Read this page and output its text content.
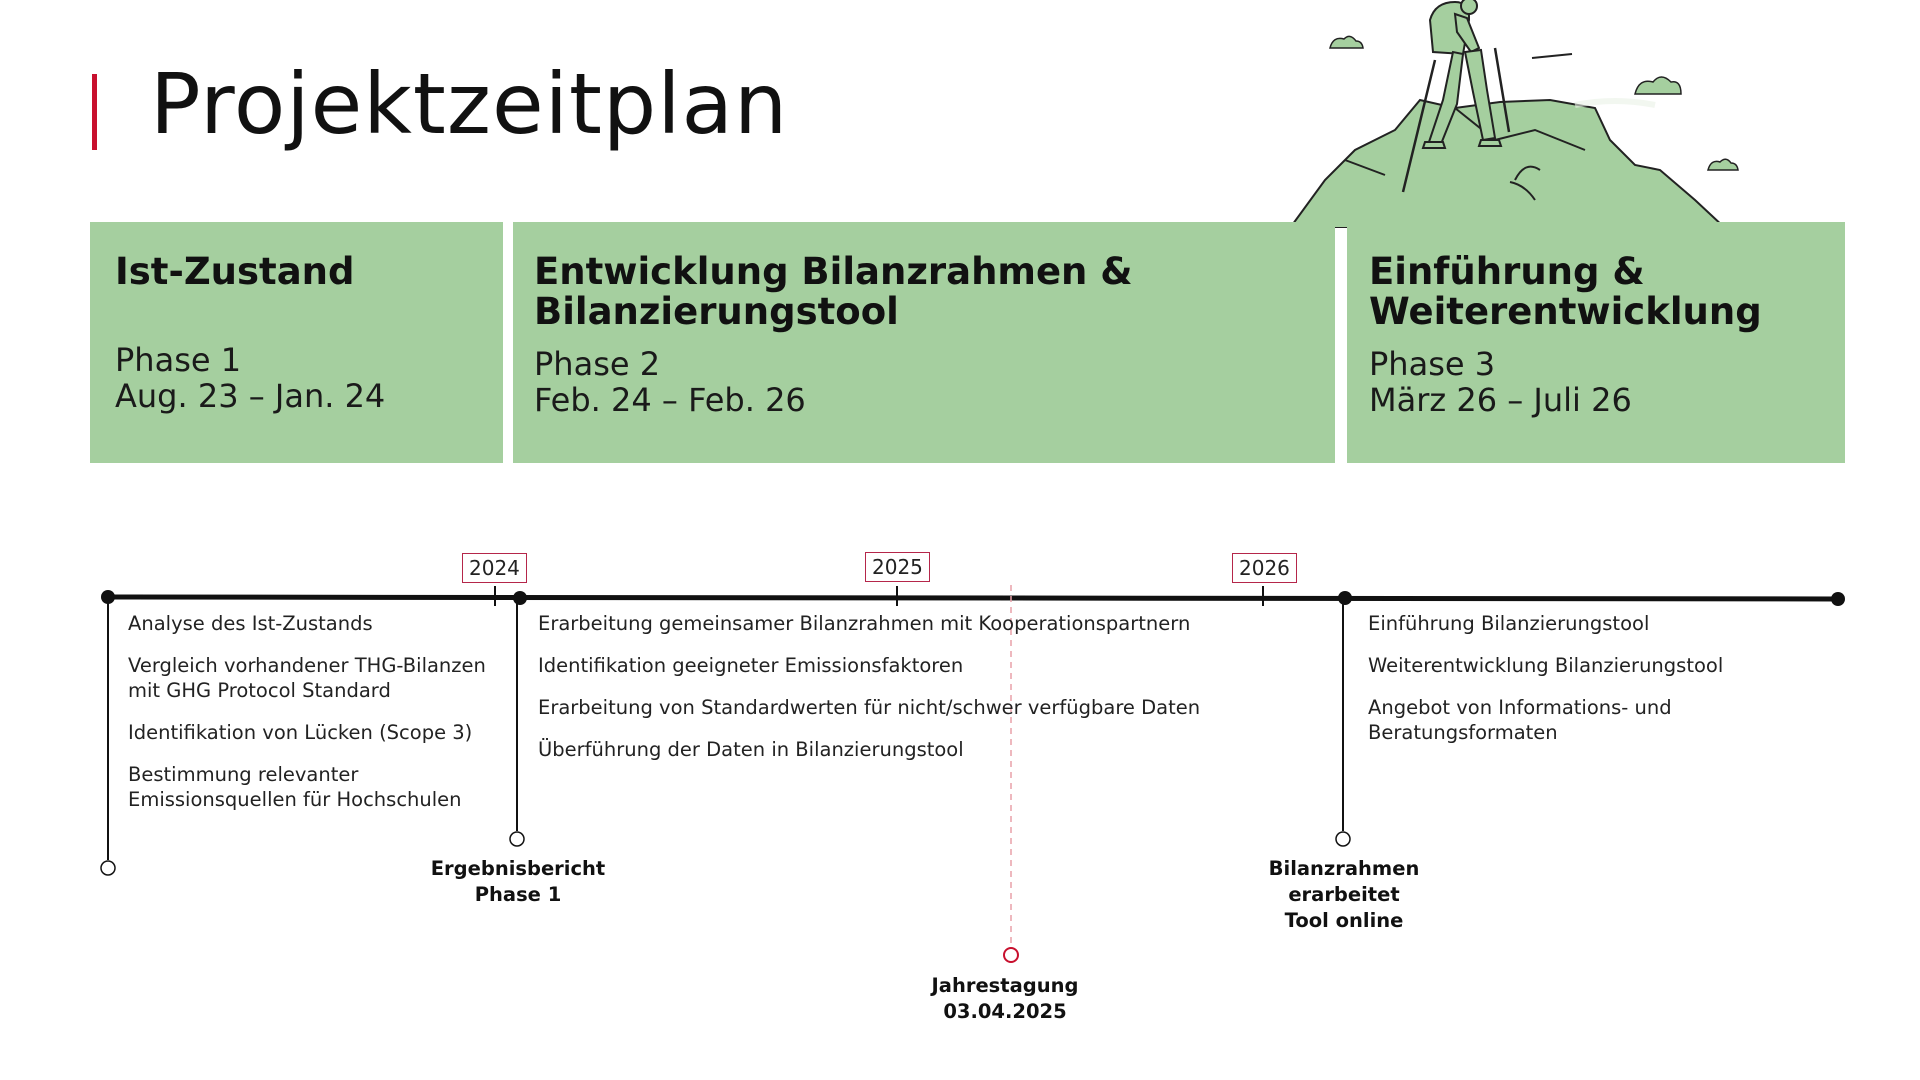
Projektzeitplan
Ist-Zustand
Phase 1
Aug. 23 – Jan. 24
Entwicklung Bilanzrahmen & Bilanzierungstool
Phase 2
Feb. 24 – Feb. 26
Einführung & Weiterentwicklung
Phase 3
März 26 – Juli 26
2024	2025	2026
Analyse des Ist-Zustands
Vergleich vorhandener THG-Bilanzen mit GHG Protocol Standard
Identifikation von Lücken (Scope 3)
Bestimmung relevanter Emissionsquellen für Hochschulen
Erarbeitung gemeinsamer Bilanzrahmen mit Kooperationspartnern
Identifikation geeigneter Emissionsfaktoren
Erarbeitung von Standardwerten für nicht/schwer verfügbare Daten
Überführung der Daten in Bilanzierungstool
Einführung Bilanzierungstool
Weiterentwicklung Bilanzierungstool
Angebot von Informations- und Beratungsformaten
Ergebnisbericht
Phase 1
Bilanzrahmen
erarbeitet
Tool online
Jahrestagung
03.04.2025
